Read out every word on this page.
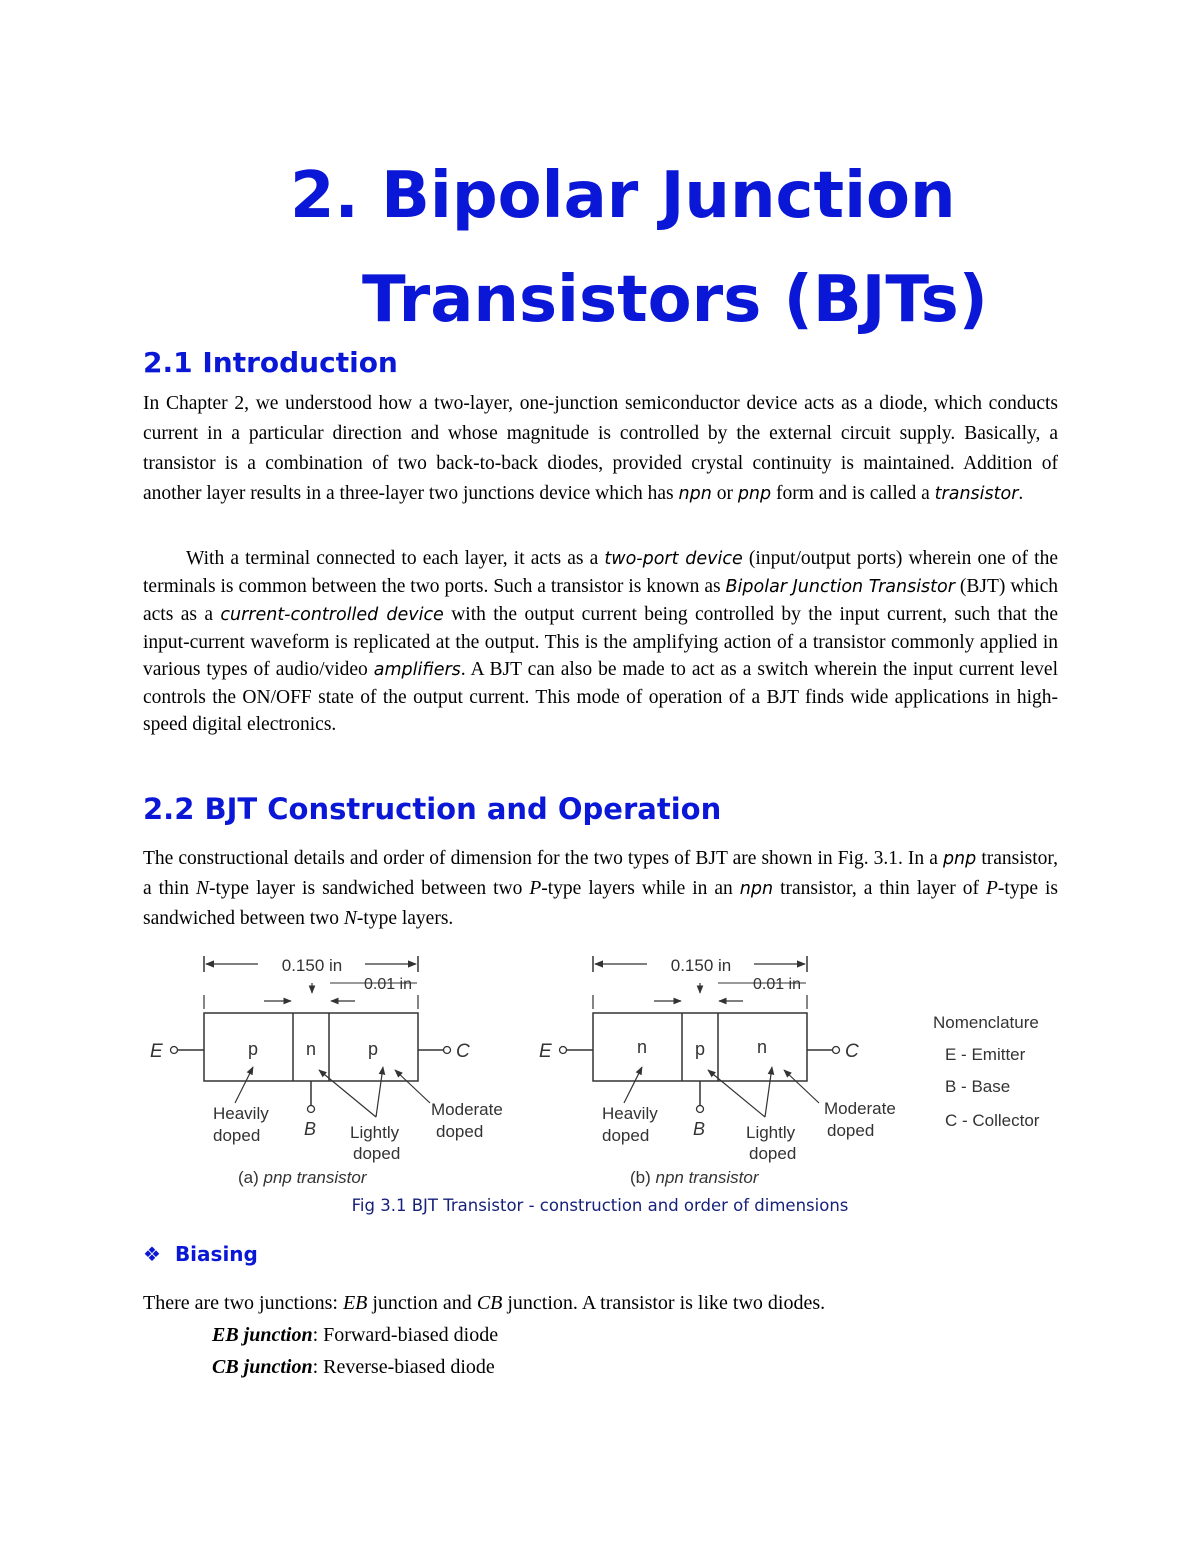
2. Bipolar Junction
Transistors (BJTs)
2.1 Introduction

In Chapter 2, we understood how a two-layer, one-junction semiconductor device acts as a diode, which conducts current in a particular direction and whose magnitude is controlled by the external circuit supply. Basically, a transistor is a combination of two back-to-back diodes, provided crystal continuity is maintained. Addition of another layer results in a three-layer two junctions device which has npn or pnp form and is called a transistor.

With a terminal connected to each layer, it acts as a two-port device (input/output ports) wherein one of the terminals is common between the two ports. Such a transistor is known as Bipolar Junction Transistor (BJT) which acts as a current-controlled device with the output current being controlled by the input current, such that the input-current waveform is replicated at the output. This is the amplifying action of a transistor commonly applied in various types of audio/video amplifiers. A BJT can also be made to act as a switch wherein the input current level controls the ON/OFF state of the output current. This mode of operation of a BJT finds wide applications in high-speed digital electronics.

2.2 BJT Construction and Operation

The constructional details and order of dimension for the two types of BJT are shown in Fig. 3.1. In a pnp transistor, a thin N-type layer is sandwiched between two P-type layers while in an npn transistor, a thin layer of P-type is sandwiched between two N-type layers.

0.150 in
0.01 in
p	n	p
E	C
B
Heavily
doped	Lightly
doped
Moderate
doped
(a) pnp transistor
0.150 in
0.01 in
n	p	n
E	C
B
Heavily
doped	Lightly
doped
Moderate
doped
(b) npn transistor
Nomenclature
E - Emitter
B - Base
C - Collector
Fig 3.1 BJT Transistor - construction and order of dimensions
❖ Biasing
There are two junctions: EB junction and CB junction. A transistor is like two diodes.
EB junction: Forward-biased diode
CB junction: Reverse-biased diode
